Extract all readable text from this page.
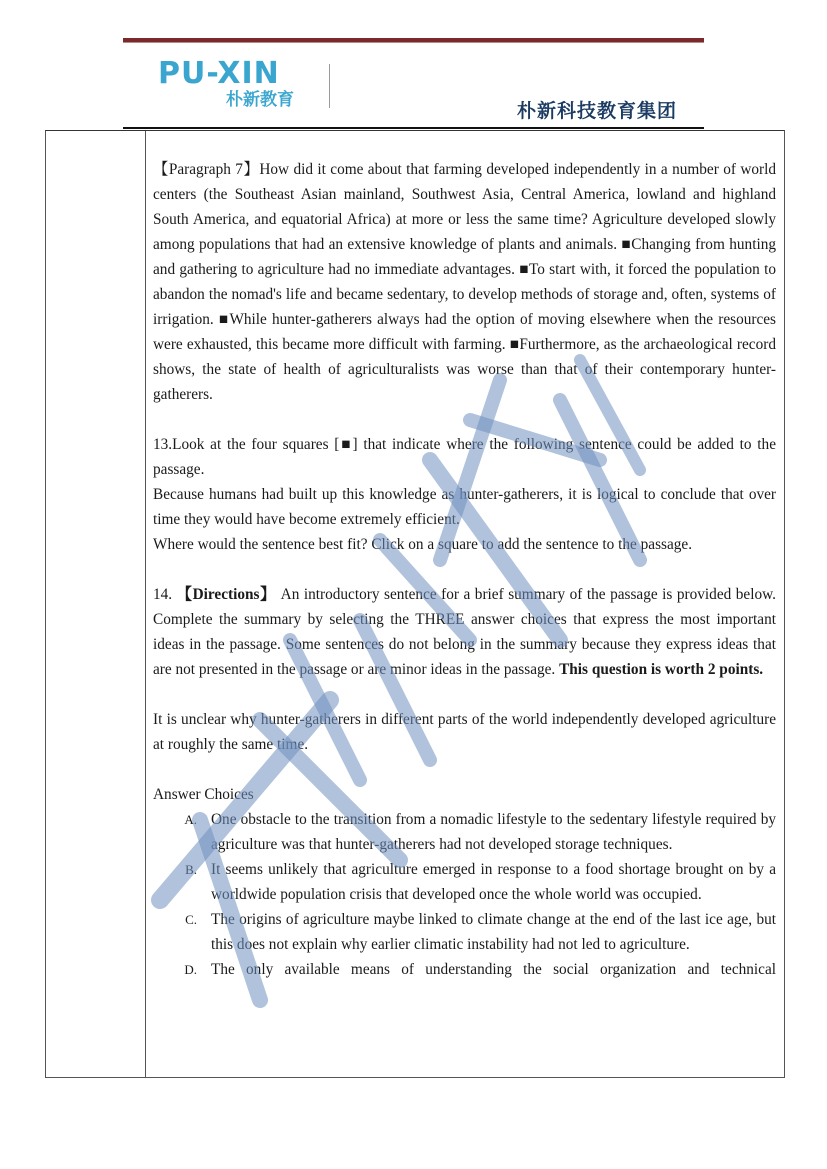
PU-XIN
朴新教育	朴新科技教育集团

【Paragraph 7】How did it come about that farming developed independently in a number of world centers (the Southeast Asian mainland, Southwest Asia, Central America, lowland and highland South America, and equatorial Africa) at more or less the same time? Agriculture developed slowly among populations that had an extensive knowledge of plants and animals. ■Changing from hunting and gathering to agriculture had no immediate advantages. ■To start with, it forced the population to abandon the nomad's life and became sedentary, to develop methods of storage and, often, systems of irrigation. ■While hunter-gatherers always had the option of moving elsewhere when the resources were exhausted, this became more difficult with farming. ■Furthermore, as the archaeological record shows, the state of health of agriculturalists was worse than that of their contemporary hunter-gatherers.

13.Look at the four squares [■] that indicate where the following sentence could be added to the passage.

Because humans had built up this knowledge as hunter-gatherers, it is logical to conclude that over time they would have become extremely efficient.

Where would the sentence best fit? Click on a square to add the sentence to the passage.

14. 【Directions】 An introductory sentence for a brief summary of the passage is provided below. Complete the summary by selecting the THREE answer choices that express the most important ideas in the passage. Some sentences do not belong in the summary because they express ideas that are not presented in the passage or are minor ideas in the passage. This question is worth 2 points.

It is unclear why hunter-gatherers in different parts of the world independently developed agriculture at roughly the same time.

Answer Choices

A. One obstacle to the transition from a nomadic lifestyle to the sedentary lifestyle required by agriculture was that hunter-gatherers had not developed storage techniques.
B. It seems unlikely that agriculture emerged in response to a food shortage brought on by a worldwide population crisis that developed once the whole world was occupied.
C. The origins of agriculture maybe linked to climate change at the end of the last ice age, but this does not explain why earlier climatic instability had not led to agriculture.
D. The only available means of understanding the social organization and technical
